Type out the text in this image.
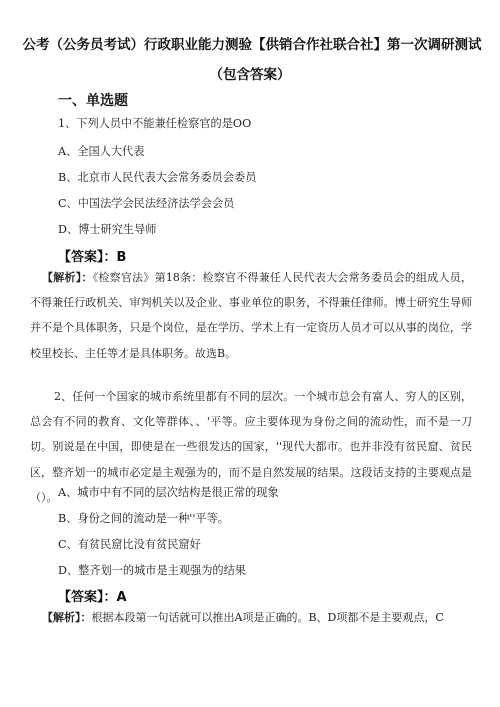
公考（公务员考试）行政职业能力测验【供销合作社联合社】第一次调研测试
（包含答案）
一、单选题
1、下列人员中不能兼任检察官的是OO
A、全国人大代表
B、北京市人民代表大会常务委员会委员
C、中国法学会民法经济法学会会员
D、博士研究生导师
【答案】：B
【解析】：《检察官法》第18条：检察官不得兼任人民代表大会常务委员会的组成人员，不得兼任行政机关、审判机关以及企业、事业单位的职务，不得兼任律师。博士研究生导师并不是个具体职务，只是个岗位，是在学历、学术上有一定资历人员才可以从事的岗位，学校里校长、主任等才是具体职务。故选B。
2、任何一个国家的城市系统里都有不同的层次。一个城市总会有富人、穷人的区别，总会有不同的教育、文化等群体、、'平等。应主要体现为身份之间的流动性，而不是一刀切。别说是在中国，即使是在一些很发达的国家，''现代大都市。也并非没有贫民窟、贫民区，整齐划一的城市必定是主观强为的，而不是自然发展的结果。这段话支持的主要观点是（）。 A、城市中有不同的层次结构是很正常的现象
B、身份之间的流动是一种''平等。
C、有贫民窟比没有贫民窟好
D、整齐划一的城市是主观强为的结果
【答案】：A
【解析】：根据本段第一句话就可以推出A项是正确的。B、D项都不是主要观点，C
